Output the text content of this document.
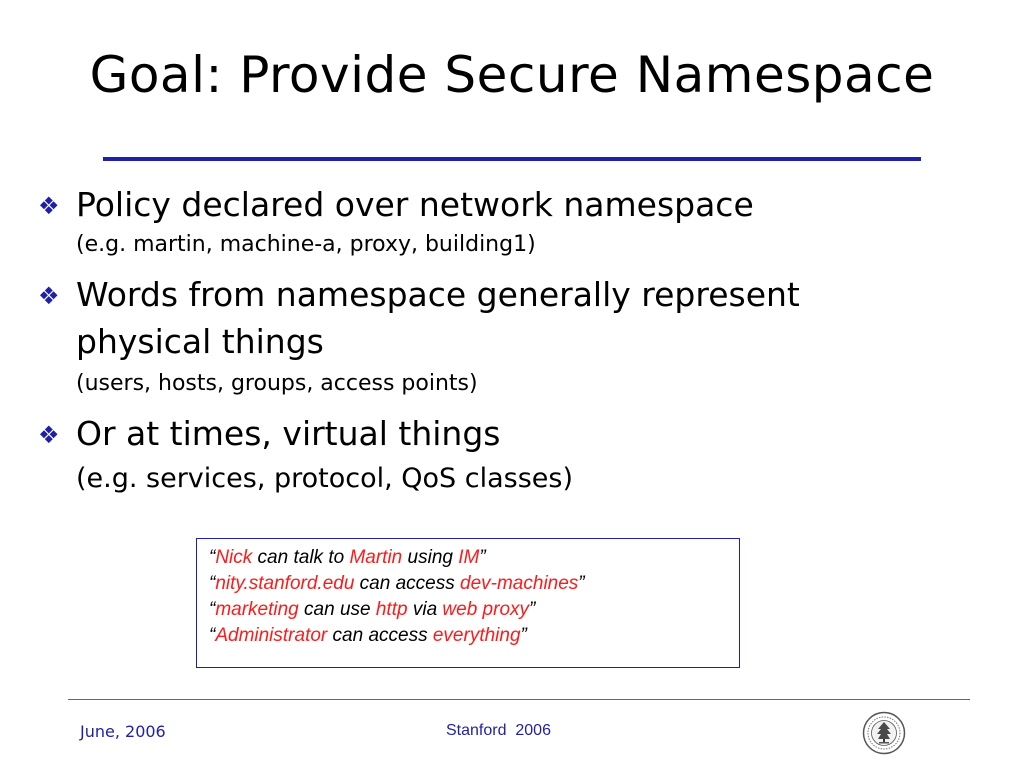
Goal: Provide Secure Namespace
❖ Policy declared over network namespace
(e.g. martin, machine-a, proxy, building1)
❖ Words from namespace generally represent
physical things
(users, hosts, groups, access points)
❖ Or at times, virtual things
(e.g. services, protocol, QoS classes)
“Nick can talk to Martin using IM”
“nity.stanford.edu can access dev-machines”
“marketing can use http via web proxy”
“Administrator can access everything”
June, 2006	Stanford  2006
